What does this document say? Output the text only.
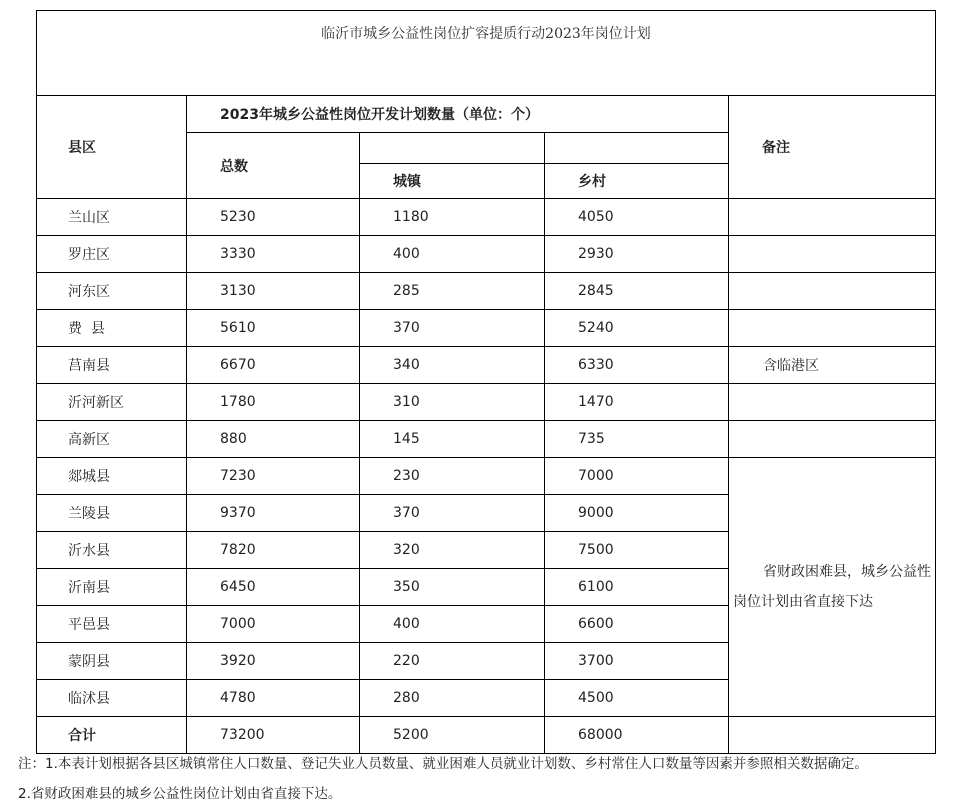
临沂市城乡公益性岗位扩容提质行动2023年岗位计划				
县区	2023年城乡公益性岗位开发计划数量（单位：个）			备注
	总数			
		城镇	乡村	
兰山区	5230	1180	4050	
罗庄区	3330	400	2930	
河东区	3130	285	2845	
费  县	5610	370	5240	
莒南县	6670	340	6330	含临港区
沂河新区	1780	310	1470	
高新区	880	145	735	
郯城县	7230	230	7000	省财政困难县，城乡公益性岗位计划由省直接下达
兰陵县	9370	370	9000	
沂水县	7820	320	7500	
沂南县	6450	350	6100	
平邑县	7000	400	6600	
蒙阴县	3920	220	3700	
临沭县	4780	280	4500	
合计	73200	5200	68000	
注：1.本表计划根据各县区城镇常住人口数量、登记失业人员数量、就业困难人员就业计划数、乡村常住人口数量等因素并参照相关数据确定。
2.省财政困难县的城乡公益性岗位计划由省直接下达。
